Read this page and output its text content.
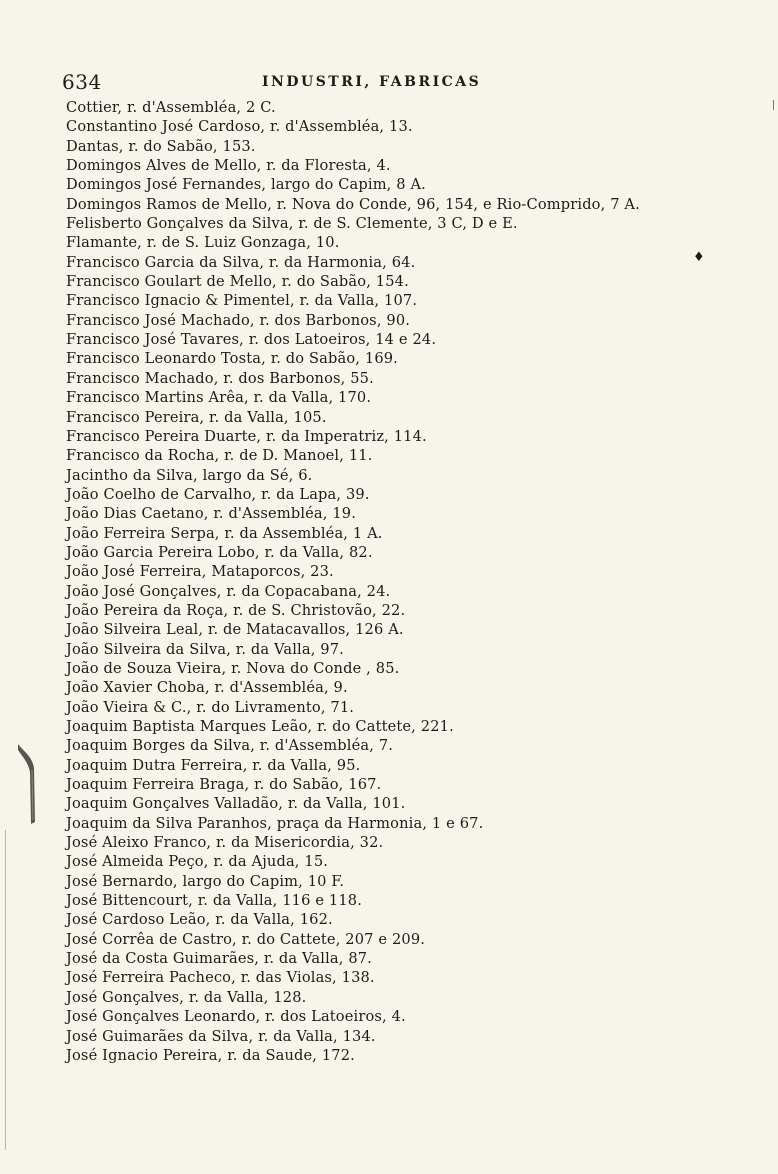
634	INDUSTRI, FABRICAS
♦
Cottier, r. d'Assembléa, 2 C.
Constantino José Cardoso, r. d'Assembléa, 13.
Dantas, r. do Sabão, 153.
Domingos Alves de Mello, r. da Floresta, 4.
Domingos José Fernandes, largo do Capim, 8 A.
Domingos Ramos de Mello, r. Nova do Conde, 96, 154, e Rio-Comprido, 7 A.
Felisberto Gonçalves da Silva, r. de S. Clemente, 3 C, D e E.
Flamante, r. de S. Luiz Gonzaga, 10.
Francisco Garcia da Silva, r. da Harmonia, 64.
Francisco Goulart de Mello, r. do Sabão, 154.
Francisco Ignacio & Pimentel, r. da Valla, 107.
Francisco José Machado, r. dos Barbonos, 90.
Francisco José Tavares, r. dos Latoeiros, 14 e 24.
Francisco Leonardo Tosta, r. do Sabão, 169.
Francisco Machado, r. dos Barbonos, 55.
Francisco Martins Arêa, r. da Valla, 170.
Francisco Pereira, r. da Valla, 105.
Francisco Pereira Duarte, r. da Imperatriz, 114.
Francisco da Rocha, r. de D. Manoel, 11.
Jacintho da Silva, largo da Sé, 6.
João Coelho de Carvalho, r. da Lapa, 39.
João Dias Caetano, r. d'Assembléa, 19.
João Ferreira Serpa, r. da Assembléa, 1 A.
João Garcia Pereira Lobo, r. da Valla, 82.
João José Ferreira, Mataporcos, 23.
João José Gonçalves, r. da Copacabana, 24.
João Pereira da Roça, r. de S. Christovão, 22.
João Silveira Leal, r. de Matacavallos, 126 A.
João Silveira da Silva, r. da Valla, 97.
João de Souza Vieira, r. Nova do Conde , 85.
João Xavier Choba, r. d'Assembléa, 9.
João Vieira & C., r. do Livramento, 71.
Joaquim Baptista Marques Leão, r. do Cattete, 221.
Joaquim Borges da Silva, r. d'Assembléa, 7.
Joaquim Dutra Ferreira, r. da Valla, 95.
Joaquim Ferreira Braga, r. do Sabão, 167.
Joaquim Gonçalves Valladão, r. da Valla, 101.
Joaquim da Silva Paranhos, praça da Harmonia, 1 e 67.
José Aleixo Franco, r. da Misericordia, 32.
José Almeida Peço, r. da Ajuda, 15.
José Bernardo, largo do Capim, 10 F.
José Bittencourt, r. da Valla, 116 e 118.
José Cardoso Leão, r. da Valla, 162.
José Corrêa de Castro, r. do Cattete, 207 e 209.
José da Costa Guimarães, r. da Valla, 87.
José Ferreira Pacheco, r. das Violas, 138.
José Gonçalves, r. da Valla, 128.
José Gonçalves Leonardo, r. dos Latoeiros, 4.
José Guimarães da Silva, r. da Valla, 134.
José Ignacio Pereira, r. da Saude, 172.
